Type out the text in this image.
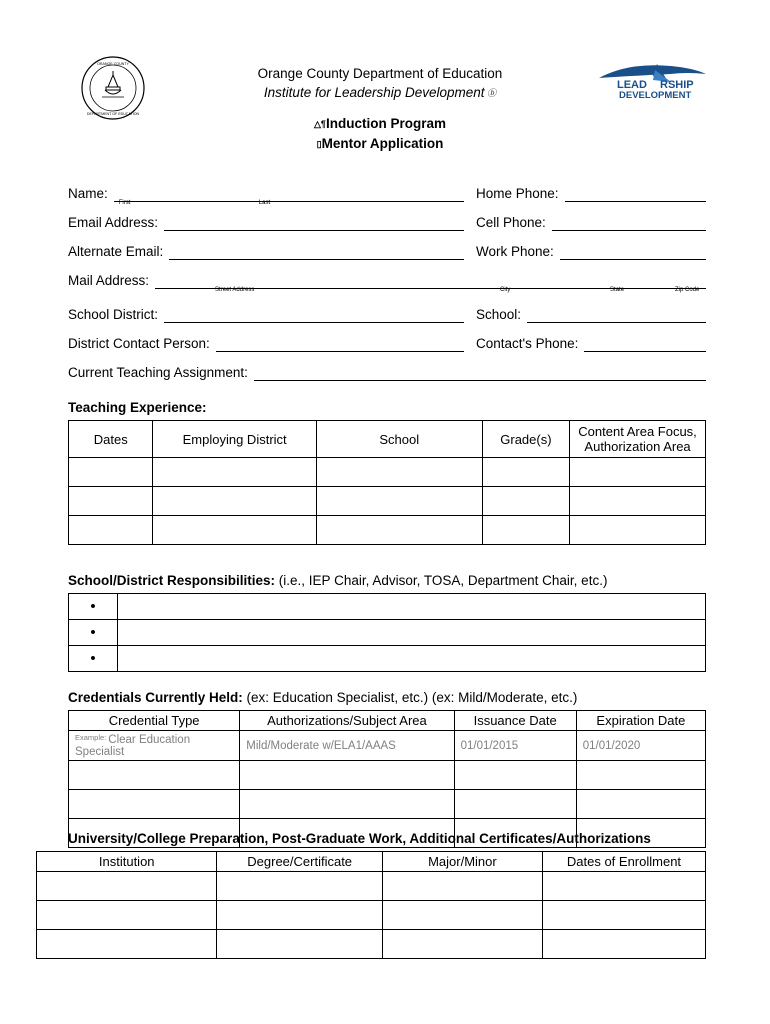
ORANGE COUNTY
DEPARTMENT OF EDUCATION
Orange County Department of Education
Institute for Leadership Development ⓑ
LEAD RSHIP
DEVELOPMENT
△¶Induction Program
▯Mentor Application
Name:
First	Last
Home Phone:
Email Address:	Cell Phone:
Alternate Email:	Work Phone:
Mail Address:
Street Address	City	State	Zip Code
School District:	School:
District Contact Person:	Contact's Phone:
Current Teaching Assignment:
Teaching Experience:
Dates	Employing District	School	Grade(s)	Content Area Focus, Authorization Area

School/District Responsibilities: (i.e., IEP Chair, Advisor, TOSA, Department Chair, etc.)
•	
•	
•	
Credentials Currently Held: (ex: Education Specialist, etc.) (ex: Mild/Moderate, etc.)
Credential Type	Authorizations/Subject Area	Issuance Date	Expiration Date
$^{Example:}$ Clear Education Specialist	Mild/Moderate w/ELA1/AAAS	01/01/2015	01/01/2020

University/College Preparation, Post-Graduate Work, Additional Certificates/Authorizations
Institution	Degree/Certificate	Major/Minor	Dates of Enrollment
